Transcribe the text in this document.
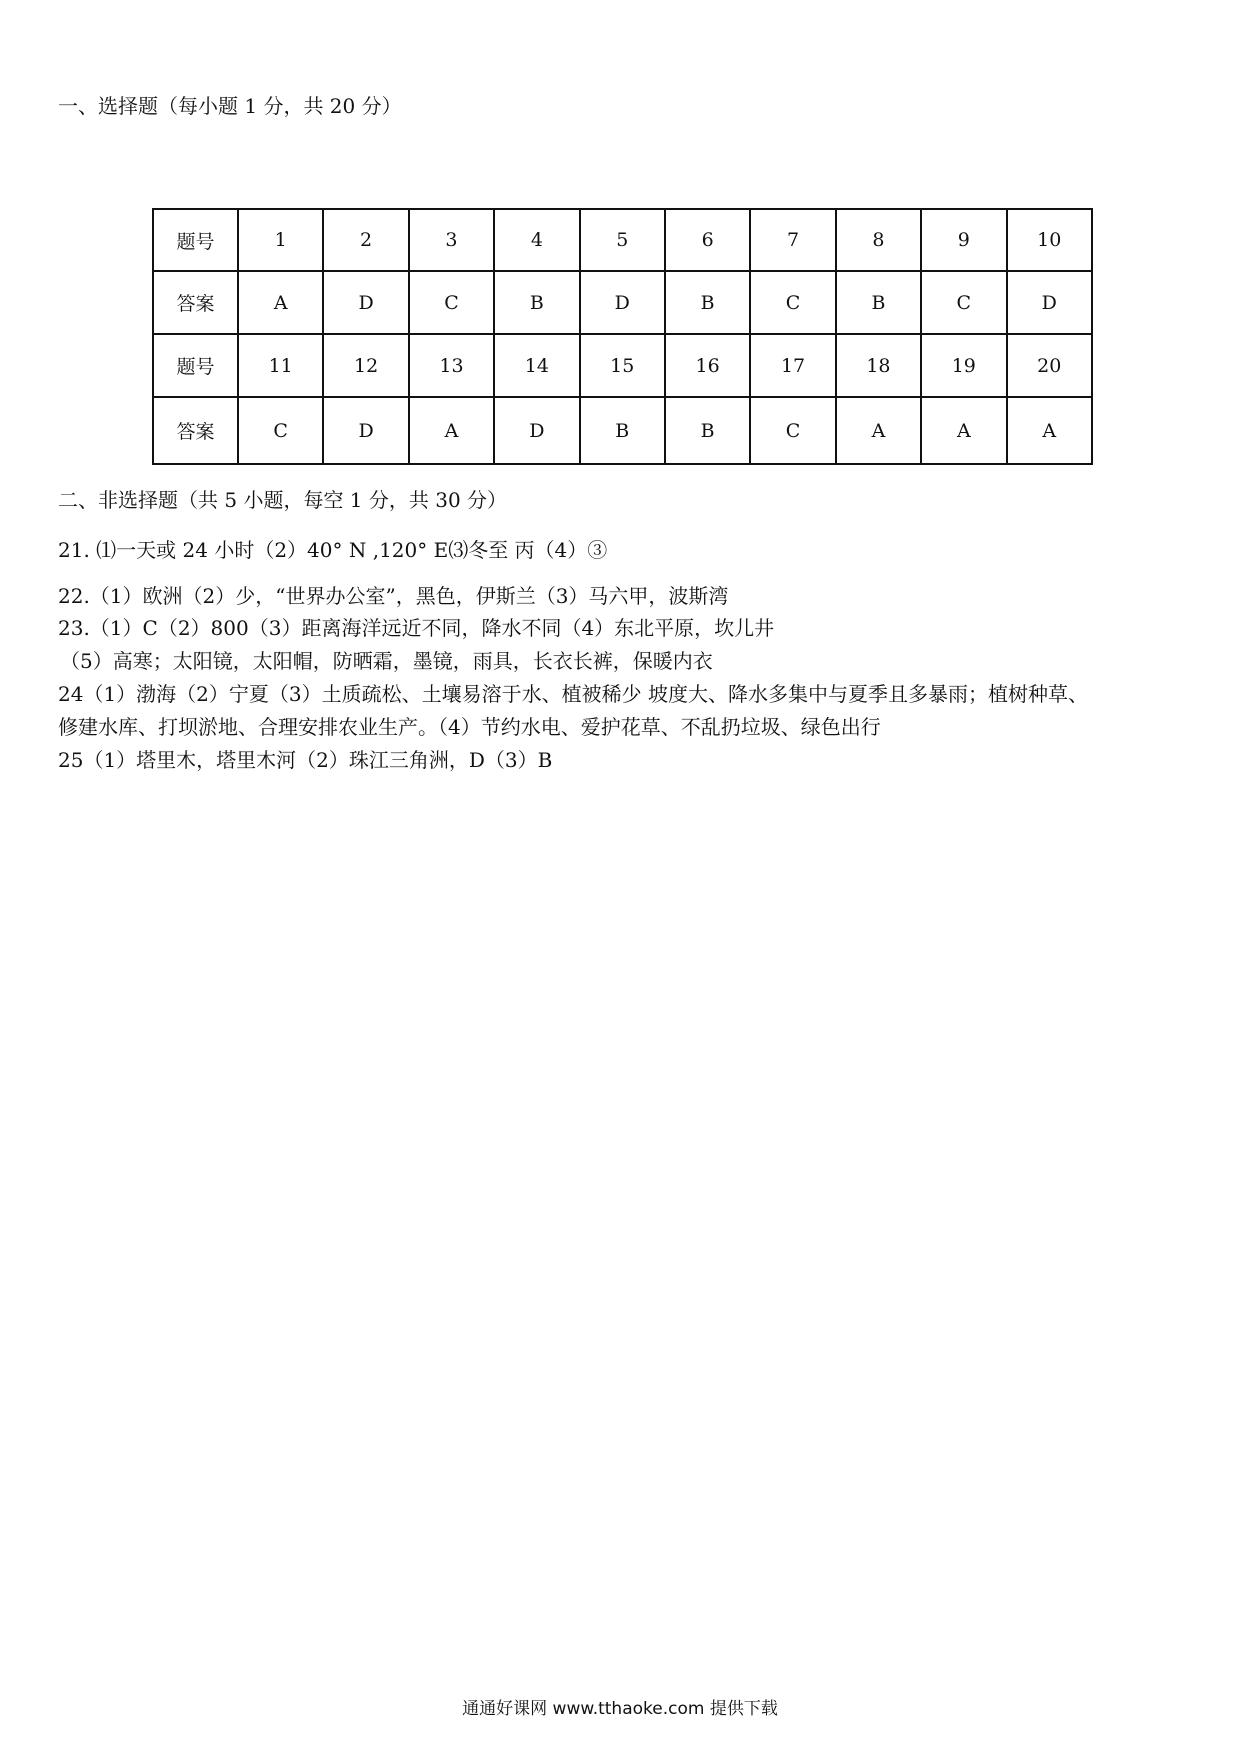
一、选择题（每小题 1 分，共 20 分）
题号	1	2	3	4	5	6	7	8	9	10
答案	A	D	C	B	D	B	C	B	C	D
题号	11	12	13	14	15	16	17	18	19	20
答案	C	D	A	D	B	B	C	A	A	A
二、非选择题（共 5 小题，每空 1 分，共 30 分）
21. ⑴一天或 24 小时（2）40° N ,120° E⑶冬至 丙（4）③
22.（1）欧洲（2）少，“世界办公室”，黑色，伊斯兰（3）马六甲，波斯湾
23.（1）C（2）800（3）距离海洋远近不同，降水不同（4）东北平原，坎儿井
（5）高寒；太阳镜，太阳帽，防晒霜，墨镜，雨具，长衣长裤，保暖内衣
24（1）渤海（2）宁夏（3）土质疏松、土壤易溶于水、植被稀少 坡度大、降水多集中与夏季且多暴雨；植树种草、
修建水库、打坝淤地、合理安排农业生产。（4）节约水电、爱护花草、不乱扔垃圾、绿色出行
25（1）塔里木，塔里木河（2）珠江三角洲，D（3）B
通通好课网 www.tthaoke.com 提供下载
